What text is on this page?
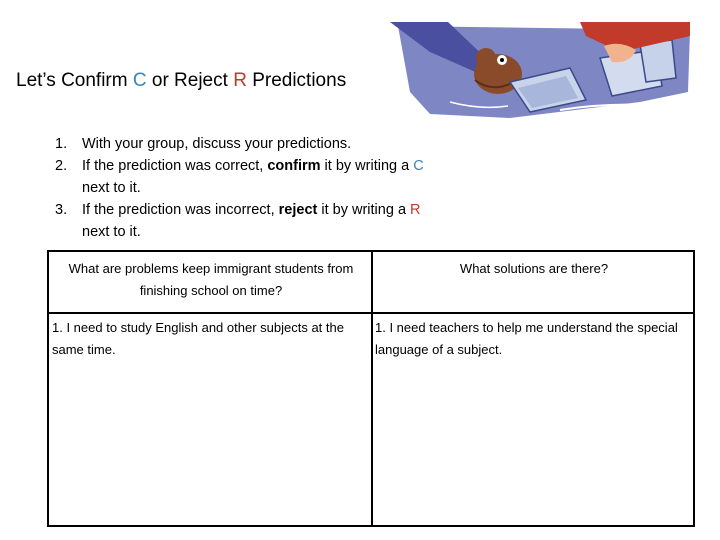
Let’s Confirm C or Reject R Predictions
1. With your group, discuss your predictions.
2. If the prediction was correct, confirm it by writing a C
next to it.
3. If the prediction was incorrect, reject it by writing a R
next to it.
What are problems keep immigrant students from finishing school on time?
What solutions are there?
1. I need to study English and other subjects at the same time.
1. I need teachers to help me understand the special language of a subject.
